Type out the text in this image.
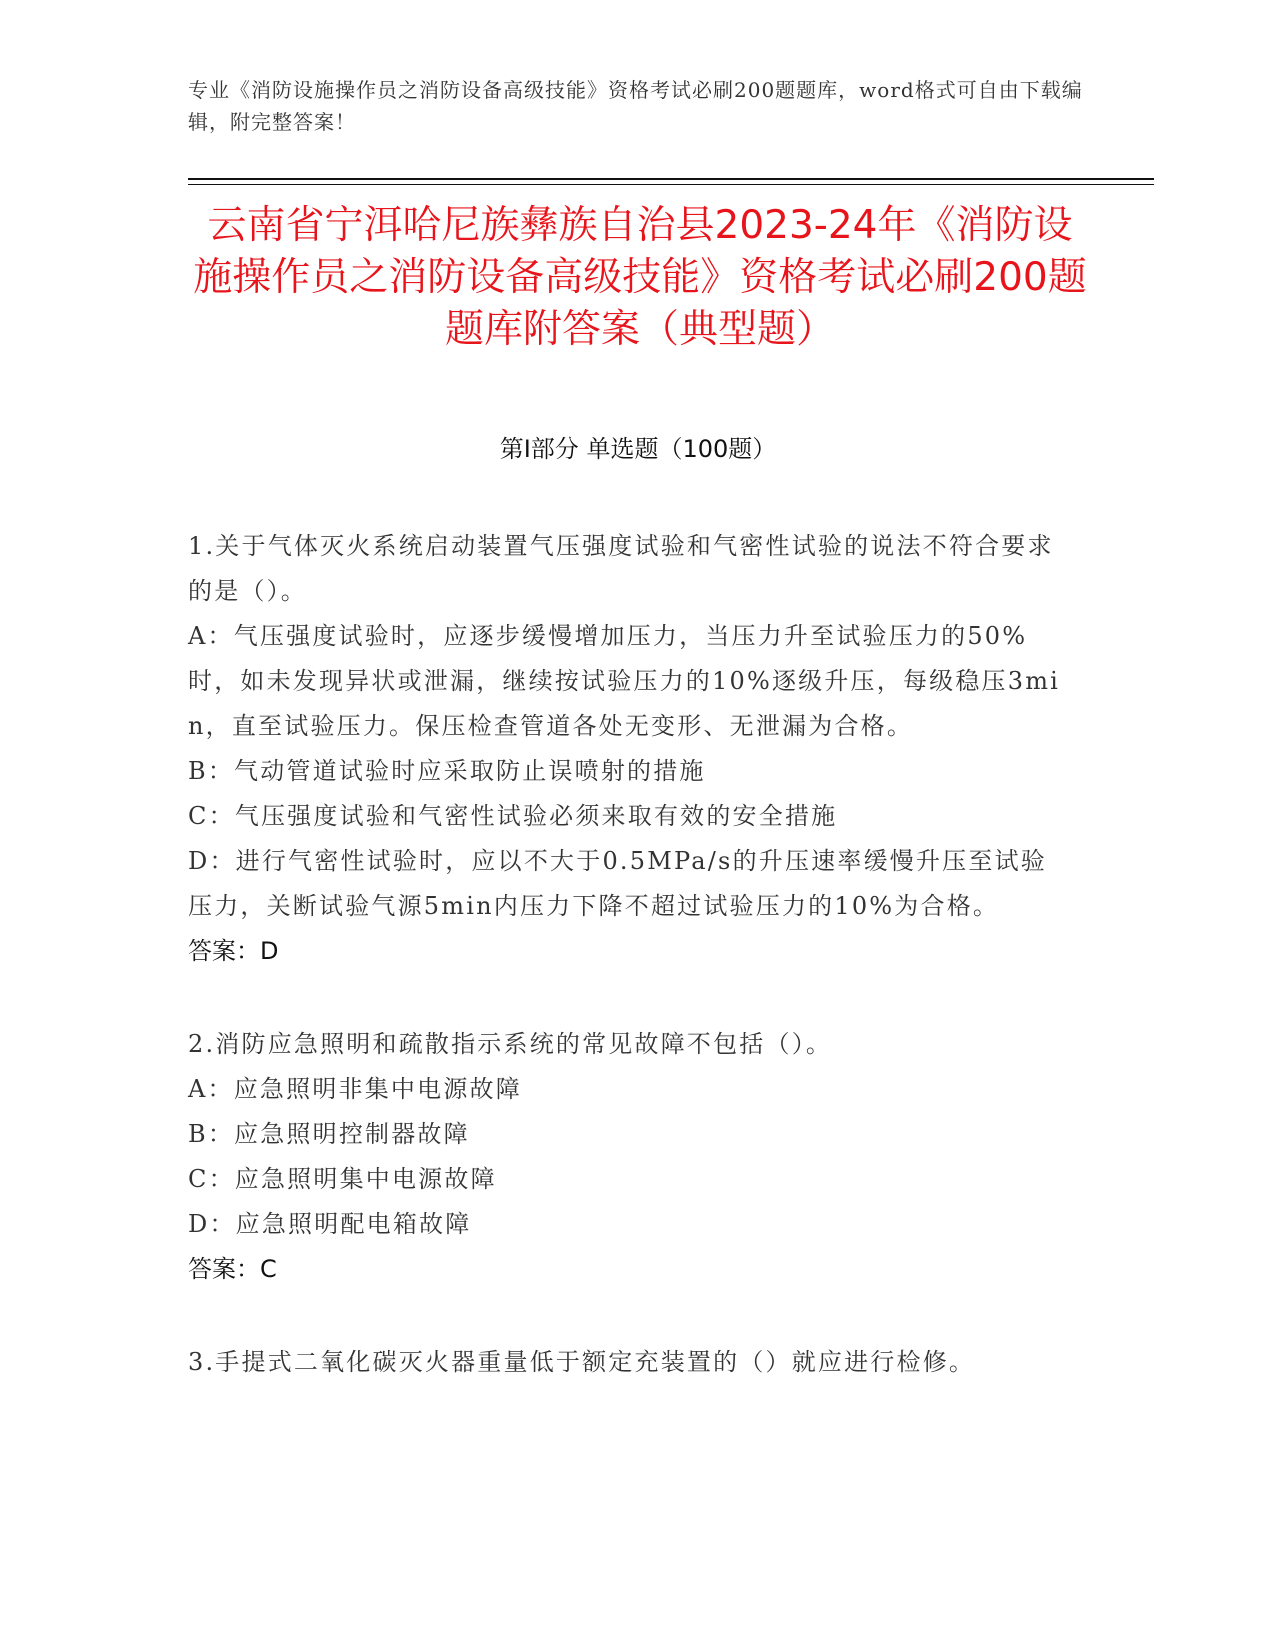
专业《消防设施操作员之消防设备高级技能》资格考试必刷200题题库，word格式可自由下载编辑，附完整答案！
云南省宁洱哈尼族彝族自治县2023-24年《消防设施操作员之消防设备高级技能》资格考试必刷200题题库附答案（典型题）
第Ⅰ部分 单选题（100题）

1.关于气体灭火系统启动装置气压强度试验和气密性试验的说法不符合要求的是（）。

A：气压强度试验时，应逐步缓慢增加压力，当压力升至试验压力的50%时，如未发现异状或泄漏，继续按试验压力的10%逐级升压，每级稳压3min，直至试验压力。保压检查管道各处无变形、无泄漏为合格。

B：气动管道试验时应采取防止误喷射的措施

C：气压强度试验和气密性试验必须来取有效的安全措施

D：进行气密性试验时，应以不大于0.5MPa/s的升压速率缓慢升压至试验压力，关断试验气源5min内压力下降不超过试验压力的10%为合格。

答案：D

2.消防应急照明和疏散指示系统的常见故障不包括（）。

A：应急照明非集中电源故障

B：应急照明控制器故障

C：应急照明集中电源故障

D：应急照明配电箱故障

答案：C

3.手提式二氧化碳灭火器重量低于额定充装置的（）就应进行检修。
